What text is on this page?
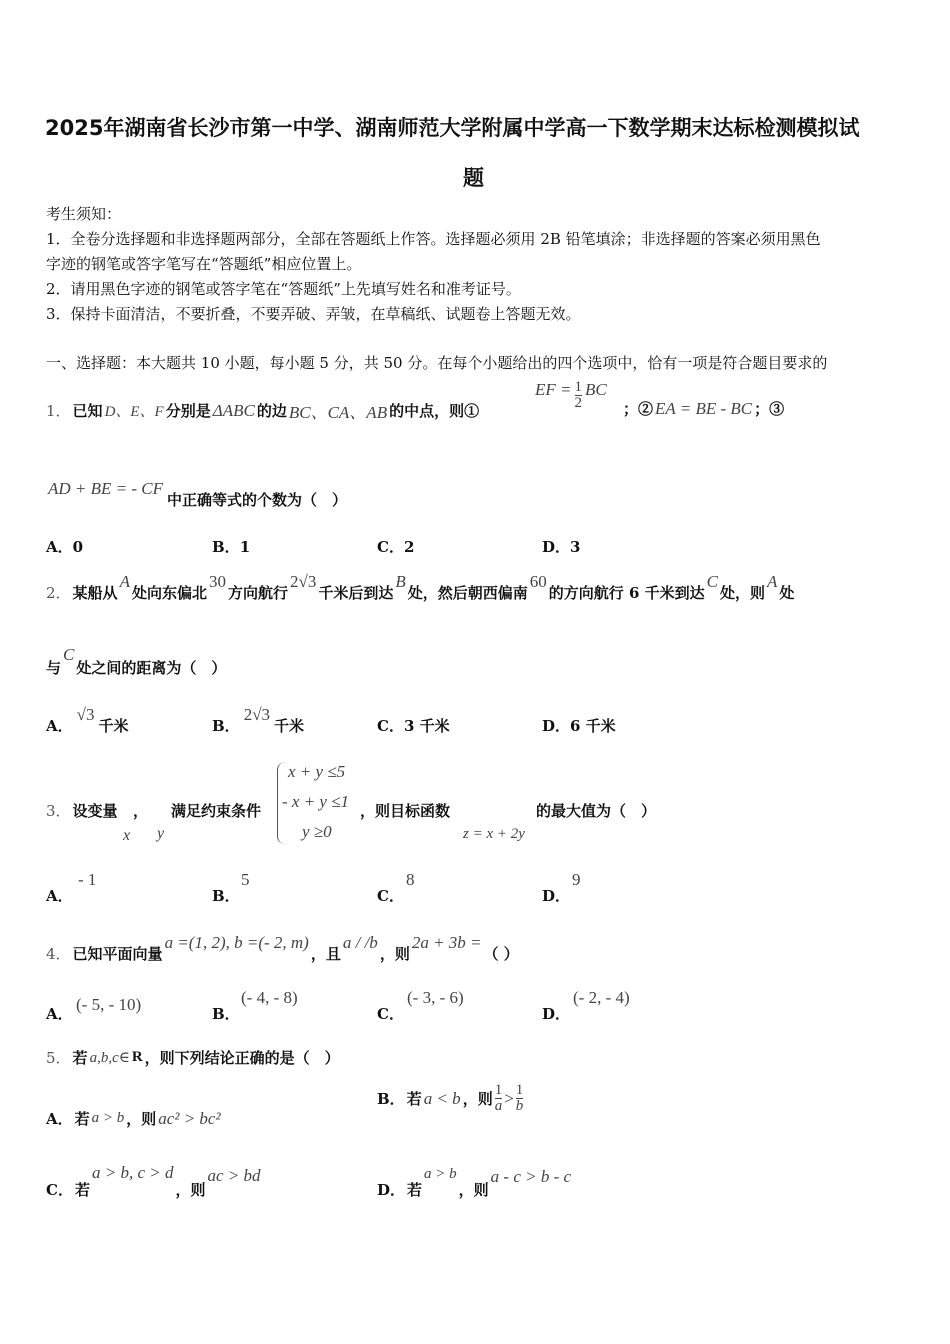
2025年湖南省长沙市第一中学、湖南师范大学附属中学高一下数学期末达标检测模拟试
题
考生须知：
1．全卷分选择题和非选择题两部分，全部在答题纸上作答。选择题必须用 2B 铅笔填涂；非选择题的答案必须用黑色
字迹的钢笔或答字笔写在“答题纸”相应位置上。
2．请用黑色字迹的钢笔或答字笔在“答题纸”上先填写姓名和准考证号。
3．保持卡面清洁，不要折叠，不要弄破、弄皱，在草稿纸、试题卷上答题无效。
一、选择题：本大题共 10 小题，每小题 5 分，共 50 分。在每个小题给出的四个选项中，恰有一项是符合题目要求的
1． 已知 D、E、F 分别是 ΔABC 的边 BC、CA、AB 的中点，则①
EF = $\frac{1}{2}$ BC
；② EA = BE - BC ；③
AD + BE = - CF
中正确等式的个数为（　）
A．0	B．1	C．2	D．3
2． 某船从
A
处向东偏北
30
方向航行
2√3
千米后到达
B
处，然后朝西偏南
60
的方向航行 6 千米到达
C
处，则
A
处
与
C
处之间的距离为（　）
A．
√3
千米	B．
2√3
千米	C．3 千米	D．6 千米
3． 设变量 ，
x y
满足约束条件
x + y ≤5
- x + y ≤1
y ≥0
，则目标函数
z = x + 2y
的最大值为（　）
A．
- 1
B．
5
C．
8
D．
9
4． 已知平面向量
a =(1, 2), b =(- 2, m)
，且
a / /b
，则
2a + 3b =
（ ）
A． (- 5, - 10)	B．
(- 4, - 8)
C．
(- 3, - 6)
D．
(- 2, - 4)
5． 若 a,b,c∈ R ，则下列结论正确的是（　）
A． 若 a > b ，则 ac² > bc²
B． 若 a < b ，则 $\frac{1}{a} > \frac{1}{b}$
C． 若
a > b, c > d
，则
ac > bd
D． 若
a > b
，则
a - c > b - c
